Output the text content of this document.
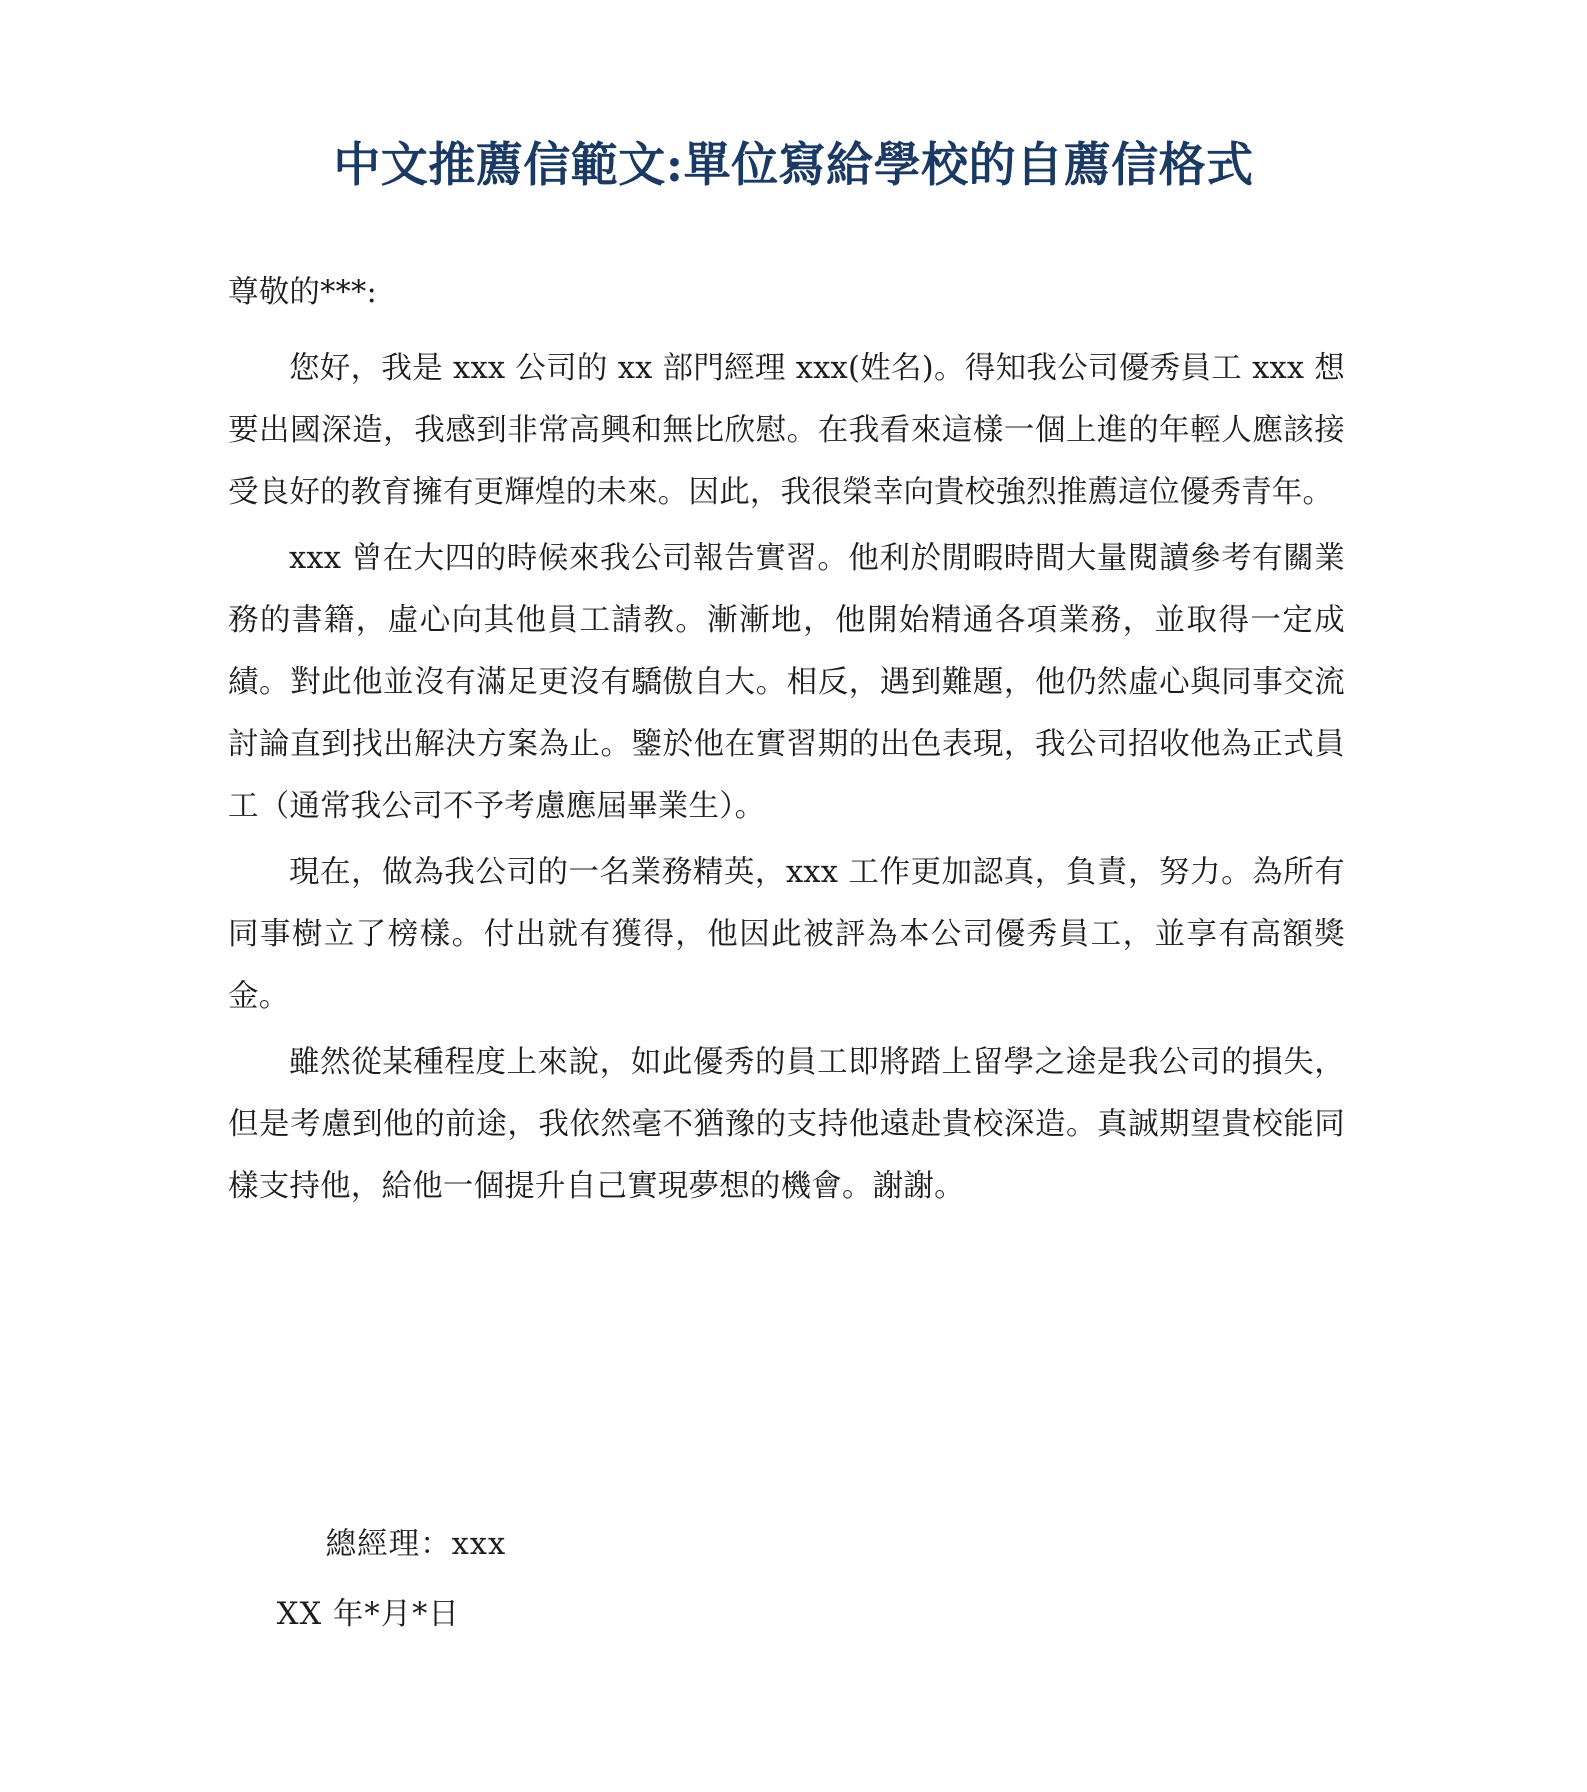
中文推薦信範文:單位寫給學校的自薦信格式

尊敬的***:

您好，我是 xxx 公司的 xx 部門經理 xxx(姓名)。得知我公司優秀員工 xxx 想要出國深造，我感到非常高興和無比欣慰。在我看來這樣一個上進的年輕人應該接受良好的教育擁有更輝煌的未來。因此，我很榮幸向貴校強烈推薦這位優秀青年。

xxx 曾在大四的時候來我公司報告實習。他利於閒暇時間大量閱讀參考有關業務的書籍，虛心向其他員工請教。漸漸地，他開始精通各項業務，並取得一定成績。對此他並沒有滿足更沒有驕傲自大。相反，遇到難題，他仍然虛心與同事交流討論直到找出解決方案為止。鑒於他在實習期的出色表現，我公司招收他為正式員工（通常我公司不予考慮應屆畢業生）。

現在，做為我公司的一名業務精英，xxx 工作更加認真，負責，努力。為所有同事樹立了榜樣。付出就有獲得，他因此被評為本公司優秀員工，並享有高額獎金。

雖然從某種程度上來說，如此優秀的員工即將踏上留學之途是我公司的損失，但是考慮到他的前途，我依然毫不猶豫的支持他遠赴貴校深造。真誠期望貴校能同樣支持他，給他一個提升自己實現夢想的機會。謝謝。

總經理：xxx

XX 年*月*日
